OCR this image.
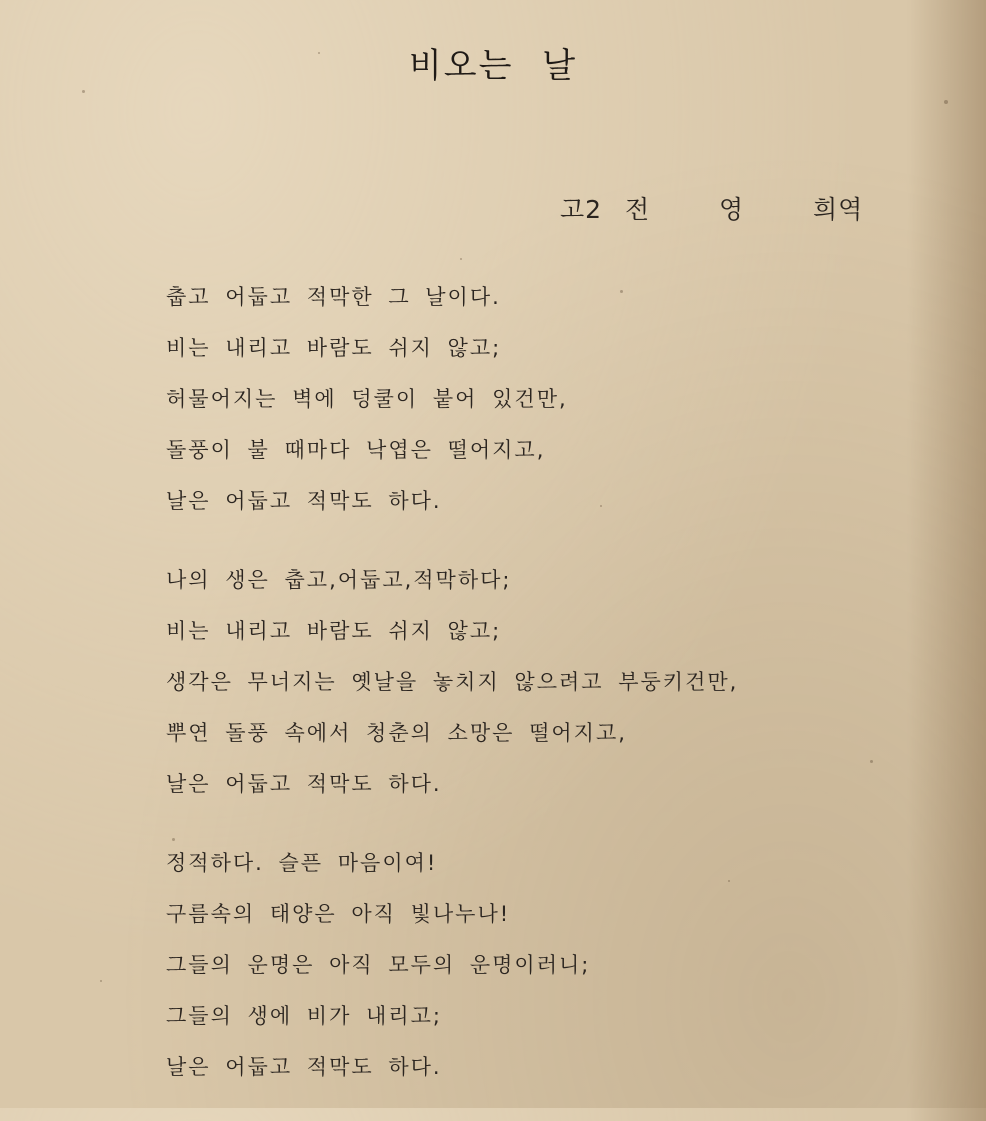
비오는 날
고2 전   영   희역
춥고 어둡고 적막한 그 날이다.
비는 내리고 바람도 쉬지 않고;
허물어지는 벽에 덩쿨이 붙어 있건만,
돌풍이 불 때마다 낙엽은 떨어지고,
날은 어둡고 적막도 하다.
나의 생은 춥고,어둡고,적막하다;
비는 내리고 바람도 쉬지 않고;
생각은 무너지는 옛날을 놓치지 않으려고 부둥키건만,
뿌연 돌풍 속에서 청춘의 소망은 떨어지고,
날은 어둡고 적막도 하다.
정적하다. 슬픈 마음이여!
구름속의 태양은 아직 빛나누나!
그들의 운명은 아직 모두의 운명이러니;
그들의 생에 비가 내리고;
날은 어둡고 적막도 하다.
